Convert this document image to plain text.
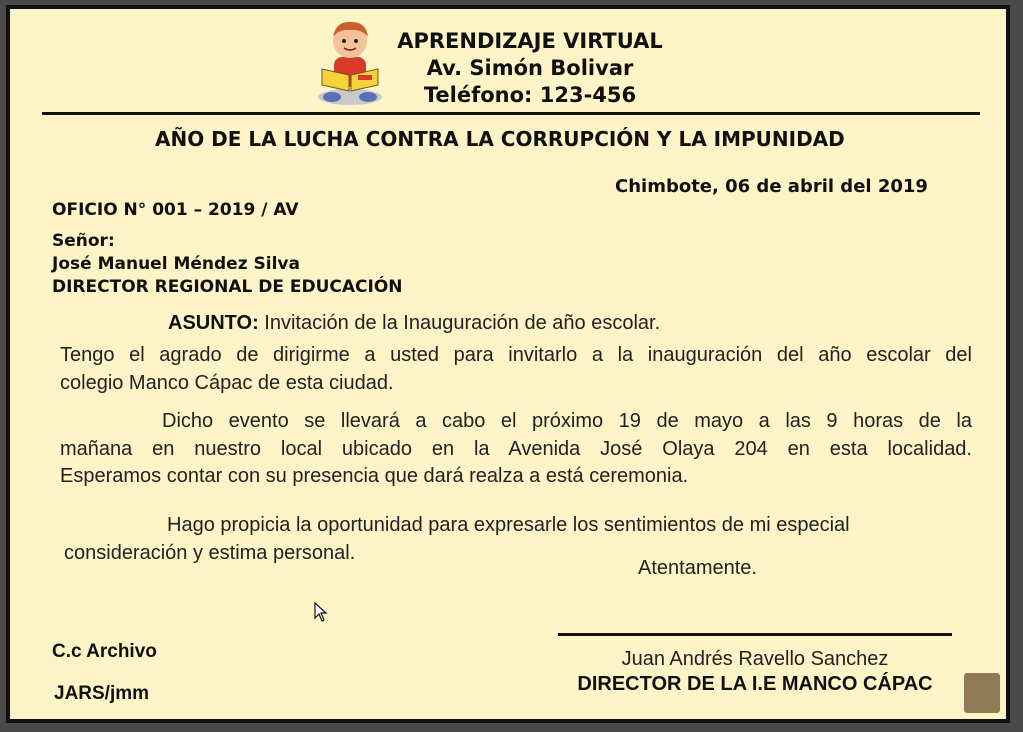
APRENDIZAJE VIRTUAL
Av. Simón Bolivar
Teléfono: 123-456
AÑO DE LA LUCHA CONTRA LA CORRUPCIÓN Y LA IMPUNIDAD
Chimbote, 06 de abril del 2019
OFICIO N° 001 – 2019 / AV
Señor:
José Manuel Méndez Silva
DIRECTOR REGIONAL DE EDUCACIÓN
ASUNTO: Invitación de la Inauguración de año escolar.
Tengo el agrado de dirigirme a usted para invitarlo a la inauguración del año escolar del
colegio Manco Cápac de esta ciudad.
Dicho evento se llevará a cabo el próximo 19 de mayo a las 9 horas de la
mañana en nuestro local ubicado en la Avenida José Olaya 204 en esta localidad.
Esperamos contar con su presencia que dará realza a está ceremonia.
Hago propicia la oportunidad para expresarle los sentimientos de mi especial
consideración y estima personal.
Atentamente.
C.c Archivo
JARS/jmm
Juan Andrés Ravello Sanchez
DIRECTOR DE LA I.E MANCO CÁPAC
